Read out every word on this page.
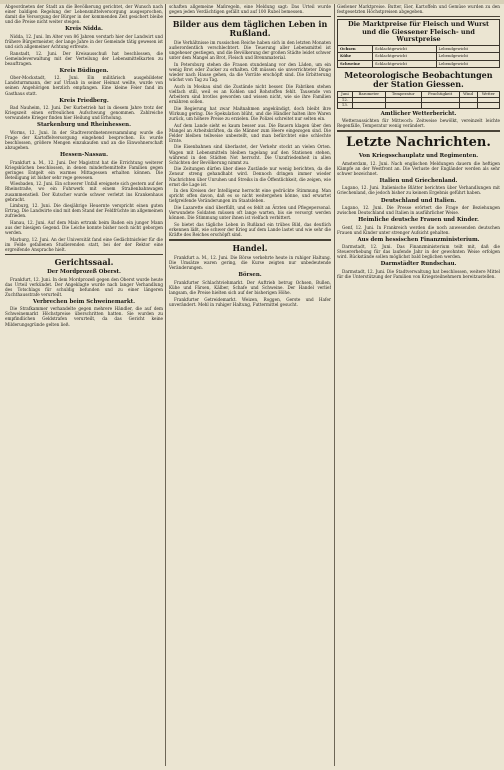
Abgeordneten der Stadt an die Bevölkerung gerichtet, der Wunsch nach einer baldigen Regelung der Lebensmittelversorgung ausgesprochen, damit die Versorgung der Bürger in der kommenden Zeit gesichert bleibe und die Preise nicht weiter steigen.

Kreis Nidda.

Nidda, 12. Juni. Im Alter von 86 Jahren verstarb hier der Landwirt und frühere Bürgermeister, der lange Jahre in der Gemeinde tätig gewesen ist und sich allgemeiner Achtung erfreute.

Ranstadt, 12. Juni. Der Kreisausschuß hat beschlossen, die Gemeindeverwaltung mit der Verteilung der Lebensmittelkarten zu beauftragen.

Kreis Büdingen.

Ober-Mockstadt, 12. Juni. Ein militärisch ausgebildeter Landsturmmann, der auf Urlaub in seiner Heimat weilte, wurde von seinen Angehörigen herzlich empfangen. Eine kleine Feier fand im Gasthaus statt.

Kreis Friedberg.

Bad Nauheim, 12. Juni. Der Kurbetrieb hat in diesem Jahre trotz der Kriegszeit einen erfreulichen Aufschwung genommen. Zahlreiche verwundete Krieger finden hier Heilung und Erholung.

Starkenburg und Rheinhessen.

Worms, 12. Juni. In der Stadtverordnetenversammlung wurde die Frage der Kartoffelversorgung eingehend besprochen. Es wurde beschlossen, größere Mengen einzukaufen und an die Einwohnerschaft abzugeben.

Hessen-Nassau.

Frankfurt a. M., 12. Juni. Der Magistrat hat die Errichtung weiterer Kriegsküchen beschlossen, in denen minderbemittelte Familien gegen geringes Entgelt ein warmes Mittagessen erhalten können. Die Beteiligung ist bisher sehr rege gewesen.

Wiesbaden, 12. Juni. Ein schwerer Unfall ereignete sich gestern auf der Rheinstraße, wo ein Fuhrwerk mit einem Straßenbahnwagen zusammenstieß. Der Kutscher wurde schwer verletzt ins Krankenhaus gebracht.

Limburg, 12. Juni. Die diesjährige Heuernte verspricht einen guten Ertrag. Die Landwirte sind mit dem Stand der Feldfrüchte im allgemeinen zufrieden.

Hanau, 12. Juni. Auf dem Main ertrank beim Baden ein junger Mann aus der hiesigen Gegend. Die Leiche konnte bisher noch nicht geborgen werden.

Marburg, 12. Juni. An der Universität fand eine Gedächtnisfeier für die im Felde gefallenen Studierenden statt, bei der der Rektor eine ergreifende Ansprache hielt.

Gerichtssaal.
Der Mordprozeß Oberst.

Frankfurt, 12. Juni. In dem Mordprozeß gegen den Oberst wurde heute das Urteil verkündet. Der Angeklagte wurde nach langer Verhandlung des Totschlags für schuldig befunden und zu einer längeren Zuchthausstrafe verurteilt.

Verbrechen beim Schweinemarkt.

Die Strafkammer verhandelte gegen mehrere Händler, die auf dem Schweinemarkt Höchstpreise überschritten hatten. Sie wurden zu empfindlichen Geldstrafen verurteilt, da das Gericht keine Milderungsgründe gelten ließ.

schaften allgemeine Maßregeln, eine Meldung sagt: Das Urteil wurde gegen jeden Verdächtigen gefällt und auf 100 Rubel bemessen.

Bilder aus dem täglichen Leben in Rußland.

Die Verhältnisse im russischen Reiche haben sich in den letzten Monaten außerordentlich verschlechtert. Die Teuerung aller Lebensmittel ist ungeheuer gestiegen, und die Bevölkerung der großen Städte leidet schwer unter dem Mangel an Brot, Fleisch und Brennmaterial.

In Petersburg stehen die Frauen stundenlang vor den Läden, um ein wenig Brot oder Zucker zu erhalten. Oft müssen sie unverrichteter Dinge wieder nach Hause gehen, da die Vorräte erschöpft sind. Die Erbitterung wächst von Tag zu Tag.

Auch in Moskau sind die Zustände nicht besser. Die Fabriken stehen vielfach still, weil es an Kohlen und Rohstoffen fehlt. Tausende von Arbeitern sind brotlos geworden und wissen nicht, wie sie ihre Familien ernähren sollen.

Die Regierung hat zwar Maßnahmen angekündigt, doch bleibt ihre Wirkung gering. Die Spekulation blüht, und die Händler halten ihre Waren zurück, um höhere Preise zu erzielen. Die Polizei schreitet nur selten ein.

Auf dem Lande sieht es kaum besser aus. Die Bauern klagen über den Mangel an Arbeitskräften, da die Männer zum Heere eingezogen sind. Die Felder bleiben teilweise unbestellt, und man befürchtet eine schlechte Ernte.

Die Eisenbahnen sind überlastet, der Verkehr stockt an vielen Orten. Wagen mit Lebensmitteln bleiben tagelang auf den Stationen stehen, während in den Städten Not herrscht. Die Unzufriedenheit in allen Schichten der Bevölkerung nimmt zu.

Die Zeitungen dürfen über diese Zustände nur wenig berichten, da die Zensur streng gehandhabt wird. Dennoch dringen immer wieder Nachrichten über Unruhen und Streiks in die Öffentlichkeit, die zeigen, wie ernst die Lage ist.

In den Kreisen der Intelligenz herrscht eine gedrückte Stimmung. Man spricht offen davon, daß es so nicht weitergehen könne, und erwartet tiefgreifende Veränderungen im Staatsleben.

Die Lazarette sind überfüllt, und es fehlt an Ärzten und Pflegepersonal. Verwundete Soldaten müssen oft lange warten, bis sie versorgt werden können. Die Stimmung unter ihnen ist vielfach verbittert.

So bietet das tägliche Leben in Rußland ein trübes Bild, das deutlich erkennen läßt, wie schwer der Krieg auf dem Lande lastet und wie sehr die Kräfte des Reiches erschöpft sind.

Handel.

Frankfurt a. M., 12. Juni. Die Börse verkehrte heute in ruhiger Haltung. Die Umsätze waren gering, die Kurse zeigten nur unbedeutende Veränderungen.

Börsen.

Frankfurter Schlachtviehmarkt. Der Auftrieb betrug Ochsen, Bullen, Kühe und Färsen, Kälber, Schafe und Schweine. Der Handel verlief langsam, die Preise hielten sich auf der bisherigen Höhe.

Frankfurter Getreidemarkt. Weizen, Roggen, Gerste und Hafer unverändert. Mehl in ruhiger Haltung, Futtermittel gesucht.

Gießener Marktpreise. Butter, Eier, Kartoffeln und Gemüse wurden zu den festgesetzten Höchstpreisen abgegeben.

Die Marktpreise für Fleisch und Wurst und die Giessener Fleisch- und Wurstpreise
Ochsen	Schlachtgewicht	Lebendgewicht
Kühe	Schlachtgewicht	Lebendgewicht
Schweine	Schlachtgewicht	Lebendgewicht
Meteorologische Beobachtungen der Station Giessen.
Juni	Barometer	Temperatur	Feuchtigkeit	Wind	Wetter
12.					
13.					
Amtlicher Wetterbericht.

Wetteraussichten für Mittwoch: Zeitweise bewölkt, vereinzelt leichte Regenfälle, Temperatur wenig verändert.

Letzte Nachrichten.
Von Kriegsschauplatz und Regimenten.

Amsterdam, 12. Juni. Nach englischen Meldungen dauern die heftigen Kämpfe an der Westfront an. Die Verluste der Engländer werden als sehr schwer bezeichnet.

Italien und Griechenland.

Lugano, 12. Juni. Italienische Blätter berichten über Verhandlungen mit Griechenland, die jedoch bisher zu keinem Ergebnis geführt haben.

Deutschland und Italien.

Lugano, 12. Juni. Die Presse erörtert die Frage der Beziehungen zwischen Deutschland und Italien in ausführlicher Weise.

Heimliche deutsche Frauen und Kinder.

Genf, 12. Juni. In Frankreich werden die noch anwesenden deutschen Frauen und Kinder unter strenger Aufsicht gehalten.

Aus dem hessischen Finanzministerium.

Darmstadt, 12. Juni. Das Finanzministerium teilt mit, daß die Steuererhebung für das laufende Jahr in der gewohnten Weise erfolgen wird. Rückstände sollen möglichst bald beglichen werden.

Darmstädter Rundschau.

Darmstadt, 12. Juni. Die Stadtverwaltung hat beschlossen, weitere Mittel für die Unterstützung der Familien von Kriegsteilnehmern bereitzustellen.
